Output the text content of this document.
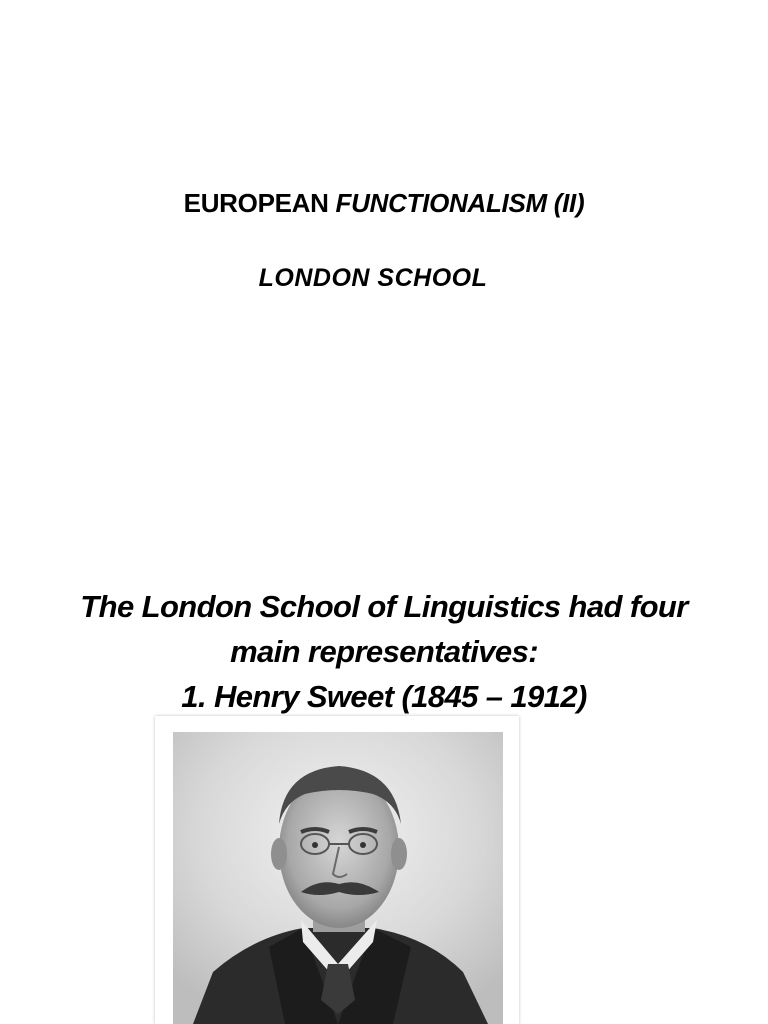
EUROPEAN FUNCTIONALISM (II)
LONDON SCHOOL
The London School of Linguistics had four
main representatives:
1. Henry Sweet (1845 – 1912)
